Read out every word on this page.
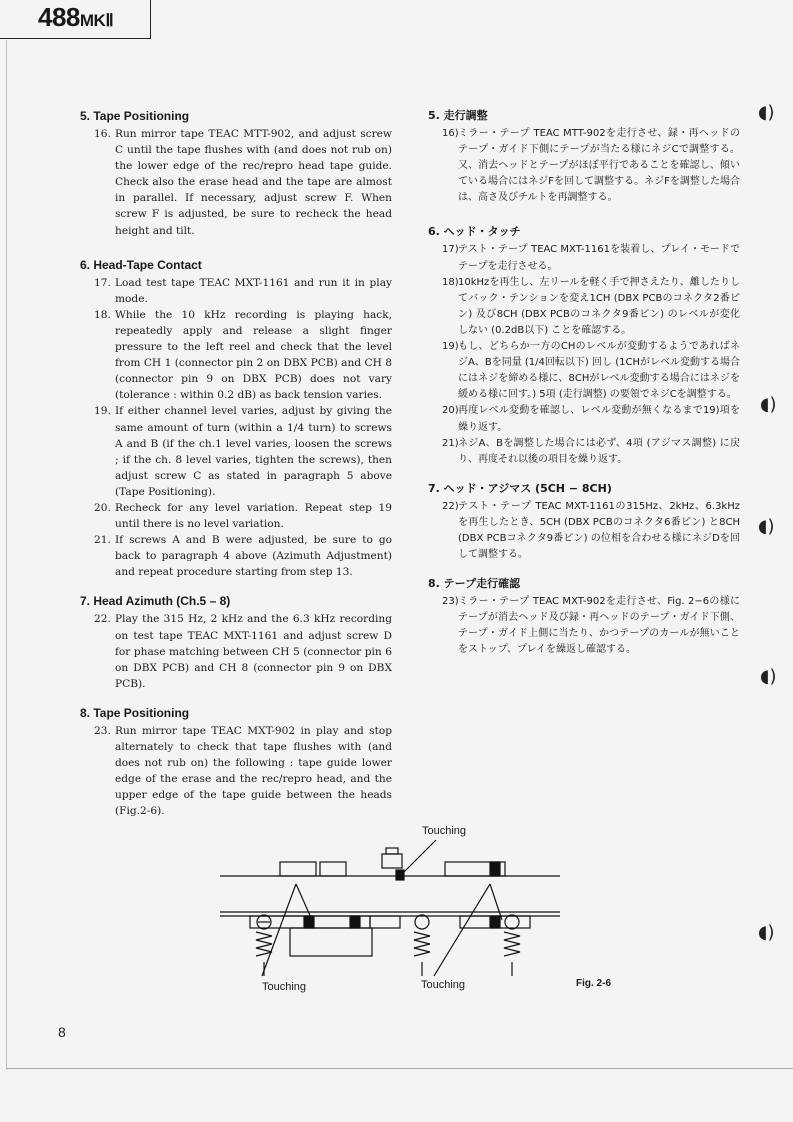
488MKⅡ
5. Tape Positioning

16. Run mirror tape TEAC MTT-902, and adjust screw C until the tape flushes with (and does not rub on) the lower edge of the rec/repro head tape guide. Check also the erase head and the tape are almost in parallel. If necessary, adjust screw F. When screw F is adjusted, be sure to recheck the head height and tilt.

6. Head-Tape Contact

17. Load test tape TEAC MXT-1161 and run it in play mode.

18. While the 10 kHz recording is playing hack, repeatedly apply and release a slight finger pressure to the left reel and check that the level from CH 1 (connector pin 2 on DBX PCB) and CH 8 (connector pin 9 on DBX PCB) does not vary (tolerance : within 0.2 dB) as back tension varies.

19. If either channel level varies, adjust by giving the same amount of turn (within a 1/4 turn) to screws A and B (if the ch.1 level varies, loosen the screws ; if the ch. 8 level varies, tighten the screws), then adjust screw C as stated in paragraph 5 above (Tape Positioning).

20. Recheck for any level variation. Repeat step 19 until there is no level variation.

21. If screws A and B were adjusted, be sure to go back to paragraph 4 above (Azimuth Adjustment) and repeat procedure starting from step 13.

7. Head Azimuth (Ch.5 – 8)

22. Play the 315 Hz, 2 kHz and the 6.3 kHz recording on test tape TEAC MXT-1161 and adjust screw D for phase matching between CH 5 (connector pin 6 on DBX PCB) and CH 8 (connector pin 9 on DBX PCB).

8. Tape Positioning

23. Run mirror tape TEAC MXT-902 in play and stop alternately to check that tape flushes with (and does not rub on) the following : tape guide lower edge of the erase and the rec/repro head, and the upper edge of the tape guide between the heads (Fig.2-6).

5. 走行調整

16) ミラー・テープ TEAC MTT-902を走行させ、録・再ヘッドのテープ・ガイド下側にテープが当たる様にネジCで調整する。又、消去ヘッドとテープがほぼ平行であることを確認し、傾いている場合にはネジFを回して調整する。ネジFを調整した場合は、高さ及びチルトを再調整する。

6. ヘッド・タッチ

17) テスト・テープ TEAC MXT-1161を装着し、プレイ・モードでテープを走行させる。

18) 10kHzを再生し、左リールを軽く手で押さえたり、離したりしてバック・テンションを変え1CH (DBX PCBのコネクタ2番ピン) 及び8CH (DBX PCBのコネクタ9番ピン) のレベルが変化しない (0.2dB以下) ことを確認する。

19) もし、どちらか一方のCHのレベルが変動するようであればネジA、Bを同量 (1/4回転以下) 回し (1CHがレベル変動する場合にはネジを締める様に、8CHがレベル変動する場合にはネジを緩める様に回す。) 5項 (走行調整) の要領でネジCを調整する。

20) 再度レベル変動を確認し、レベル変動が無くなるまで19)項を繰り返す。

21) ネジA、Bを調整した場合には必ず、4項 (アジマス調整) に戻り、再度それ以後の項目を繰り返す。

7. ヘッド・アジマス (5CH − 8CH)

22) テスト・テープ TEAC MXT-1161の315Hz、2kHz、6.3kHzを再生したとき、5CH (DBX PCBのコネクタ6番ピン) と8CH (DBX PCBコネクタ9番ピン) の位相を合わせる様にネジDを回して調整する。

8. テープ走行確認

23) ミラー・テープ TEAC MXT-902を走行させ、Fig. 2−6の様にテープが消去ヘッド及び録・再ヘッドのテープ・ガイド下側、テープ・ガイド上側に当たり、かつテープのカールが無いことをストップ、プレイを繰返し確認する。

◖)
◖)
◖)
◖)
◖)
Touching
Touching	Touching	Fig. 2-6
8
